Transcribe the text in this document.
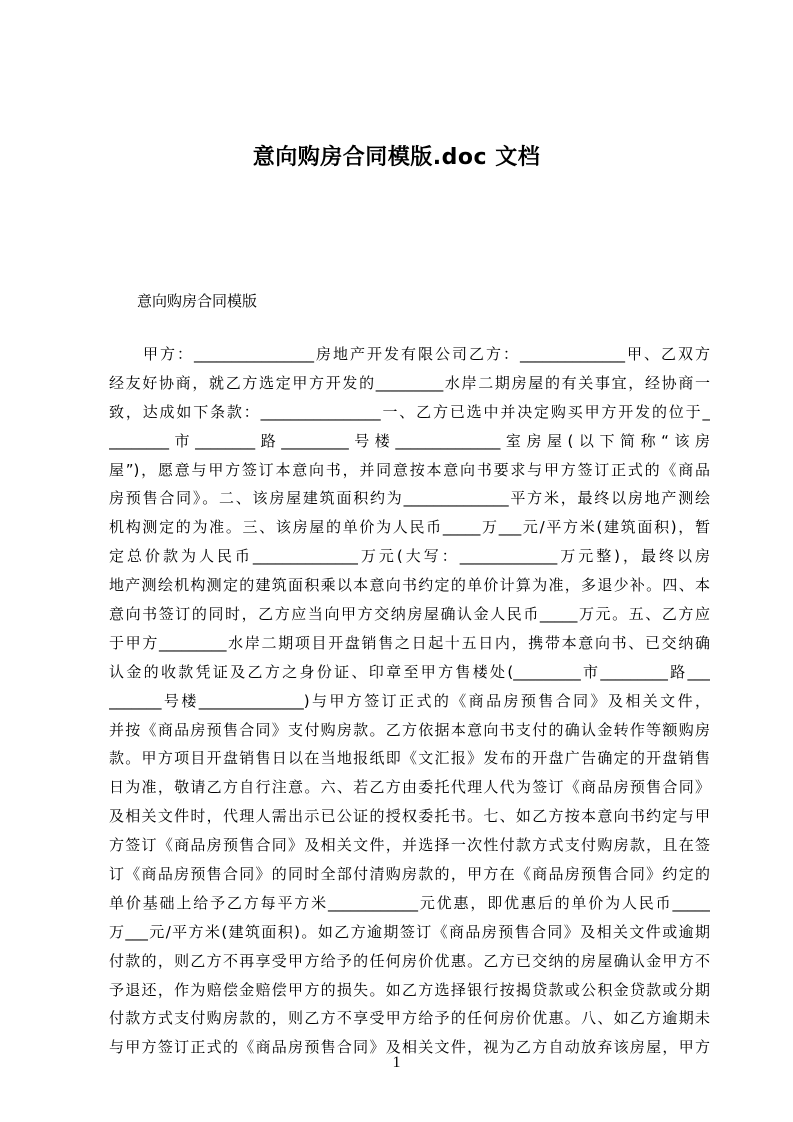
意向购房合同模版.doc 文档

意向购房合同模版

　　甲方：________________房地产开发有限公司乙方：______________甲、乙双方
经友好协商，就乙方选定甲方开发的_________水岸二期房屋的有关事宜，经协商一
致，达成如下条款：________________一、乙方已选中并决定购买甲方开发的位于_
________市________路_________号楼______________室房屋(以下简称“该房
屋”)，愿意与甲方签订本意向书，并同意按本意向书要求与甲方签订正式的《商品
房预售合同》。二、该房屋建筑面积约为______________平方米，最终以房地产测绘
机构测定的为准。三、该房屋的单价为人民币_____万___元/平方米(建筑面积)，暂
定总价款为人民币______________万元(大写：_____________万元整)，最终以房
地产测绘机构测定的建筑面积乘以本意向书约定的单价计算为准，多退少补。四、本
意向书签订的同时，乙方应当向甲方交纳房屋确认金人民币_____万元。五、乙方应
于甲方_________水岸二期项目开盘销售之日起十五日内，携带本意向书、已交纳确
认金的收款凭证及乙方之身份证、印章至甲方售楼处(_________市_________路___
_______号楼______________)与甲方签订正式的《商品房预售合同》及相关文件，
并按《商品房预售合同》支付购房款。乙方依据本意向书支付的确认金转作等额购房
款。甲方项目开盘销售日以在当地报纸即《文汇报》发布的开盘广告确定的开盘销售
日为准，敬请乙方自行注意。六、若乙方由委托代理人代为签订《商品房预售合同》
及相关文件时，代理人需出示已公证的授权委托书。七、如乙方按本意向书约定与甲
方签订《商品房预售合同》及相关文件，并选择一次性付款方式支付购房款，且在签
订《商品房预售合同》的同时全部付清购房款的，甲方在《商品房预售合同》约定的
单价基础上给予乙方每平方米____________元优惠，即优惠后的单价为人民币_____
万___元/平方米(建筑面积)。如乙方逾期签订《商品房预售合同》及相关文件或逾期
付款的，则乙方不再享受甲方给予的任何房价优惠。乙方已交纳的房屋确认金甲方不
予退还，作为赔偿金赔偿甲方的损失。如乙方选择银行按揭贷款或公积金贷款或分期
付款方式支付购房款的，则乙方不享受甲方给予的任何房价优惠。八、如乙方逾期未
与甲方签订正式的《商品房预售合同》及相关文件，视为乙方自动放弃该房屋，甲方
1
